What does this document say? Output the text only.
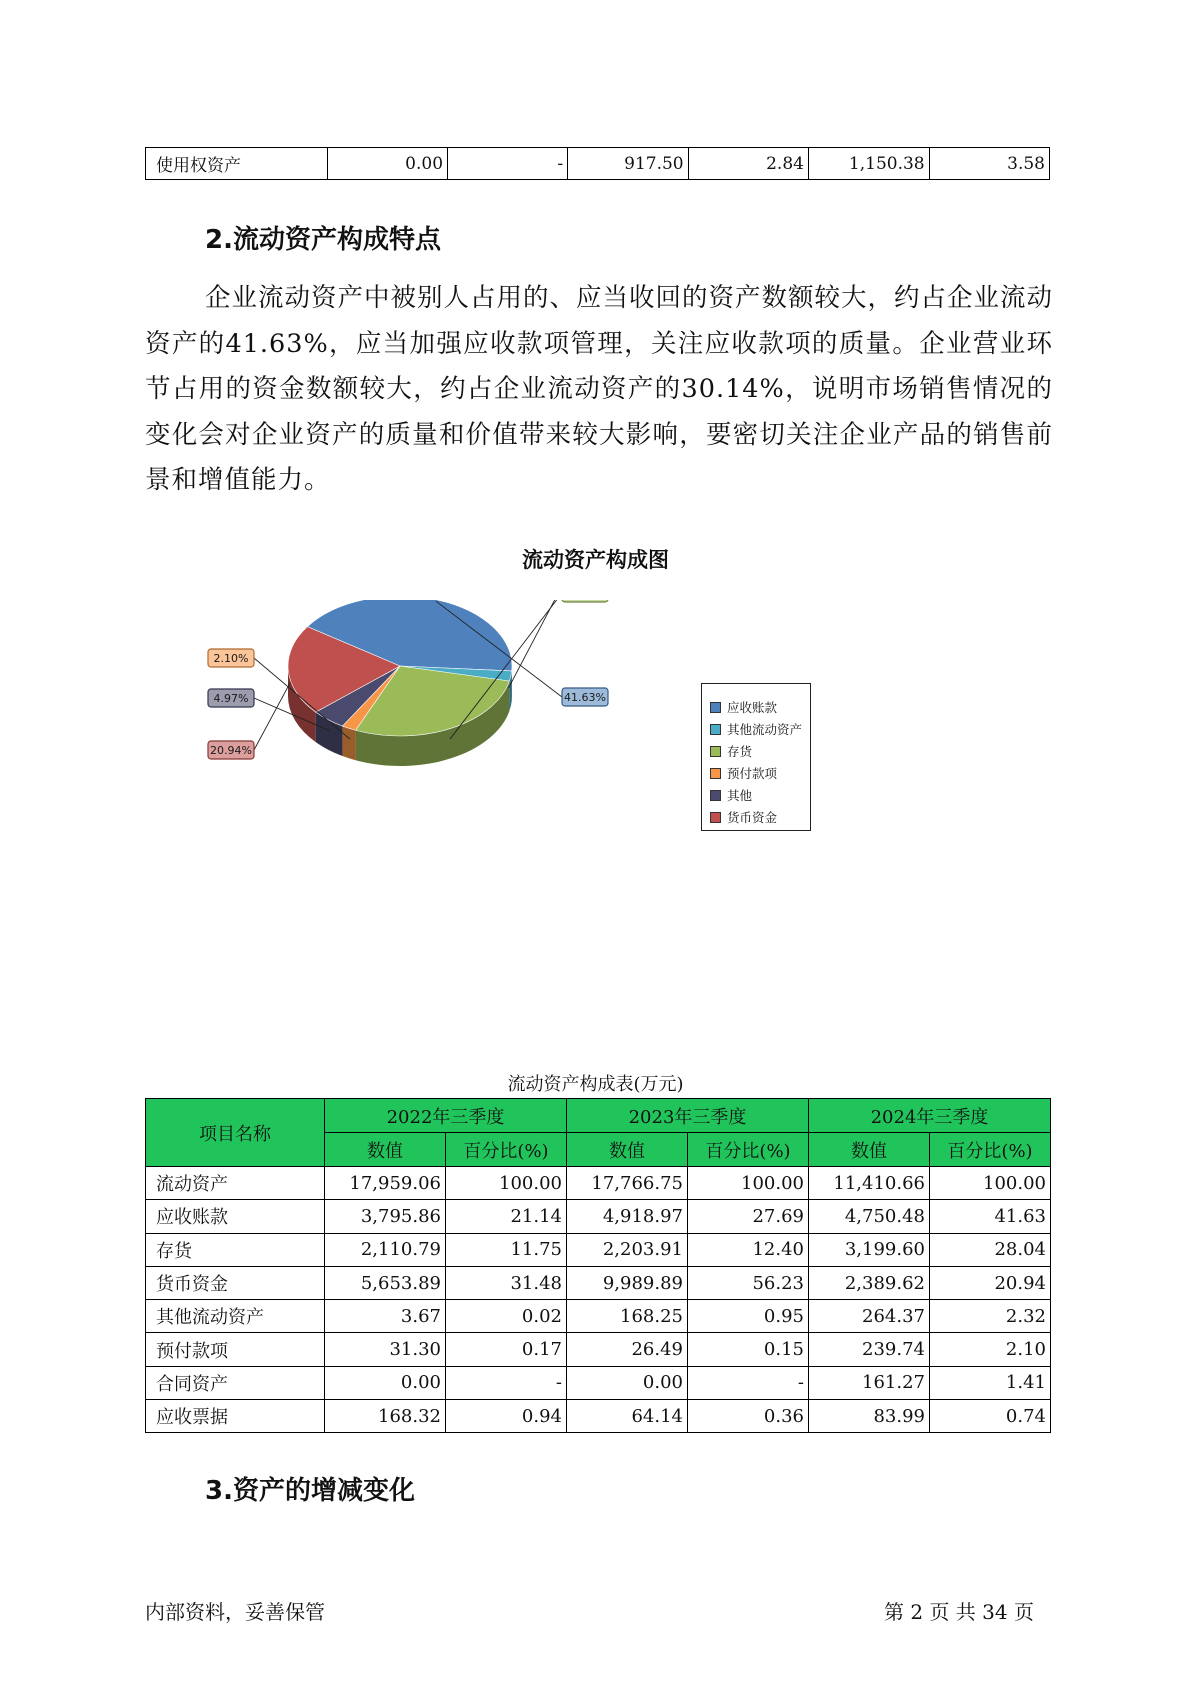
使用权资产	0.00	-	917.50	2.84	1,150.38	3.58
2.流动资产构成特点

企业流动资产中被别人占用的、应当收回的资产数额较大，约占企业流动资产的41.63%，应当加强应收款项管理，关注应收款项的质量。企业营业环节占用的资金数额较大，约占企业流动资产的30.14%，说明市场销售情况的变化会对企业资产的质量和价值带来较大影响，要密切关注企业产品的销售前景和增值能力。

流动资产构成图
41.63%
2.10%
4.97%
20.94%
应收账款
其他流动资产
存货
预付款项
其他
货币资金

流动资产构成表(万元)

项目名称	2022年三季度		2023年三季度		2024年三季度	
	数值	百分比(%)	数值	百分比(%)	数值	百分比(%)
流动资产	17,959.06	100.00	17,766.75	100.00	11,410.66	100.00
应收账款	3,795.86	21.14	4,918.97	27.69	4,750.48	41.63
存货	2,110.79	11.75	2,203.91	12.40	3,199.60	28.04
货币资金	5,653.89	31.48	9,989.89	56.23	2,389.62	20.94
其他流动资产	3.67	0.02	168.25	0.95	264.37	2.32
预付款项	31.30	0.17	26.49	0.15	239.74	2.10
合同资产	0.00	-	0.00	-	161.27	1.41
应收票据	168.32	0.94	64.14	0.36	83.99	0.74
3.资产的增减变化

内部资料，妥善保管	第 2 页 共 34 页
